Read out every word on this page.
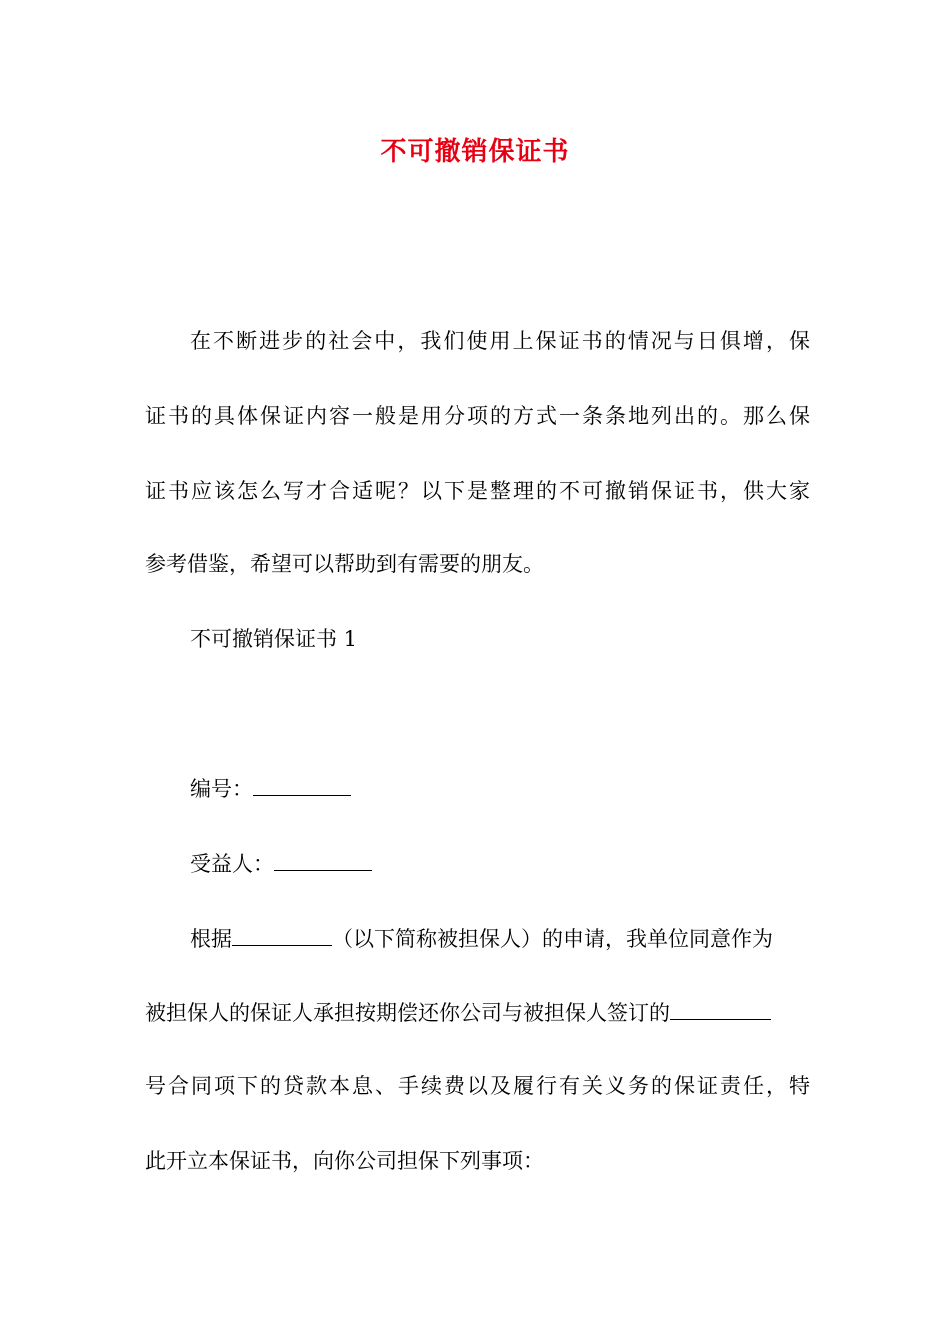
不可撤销保证书
在不断进步的社会中，我们使用上保证书的情况与日俱增，保
证书的具体保证内容一般是用分项的方式一条条地列出的。那么保
证书应该怎么写才合适呢？以下是整理的不可撤销保证书，供大家
参考借鉴，希望可以帮助到有需要的朋友。
不可撤销保证书 1
编号：
受益人：
根据	（以下简称被担保人）的申请，我单位同意作为
被担保人的保证人承担按期偿还你公司与被担保人签订的
号合同项下的贷款本息、手续费以及履行有关义务的保证责任，特
此开立本保证书，向你公司担保下列事项：
